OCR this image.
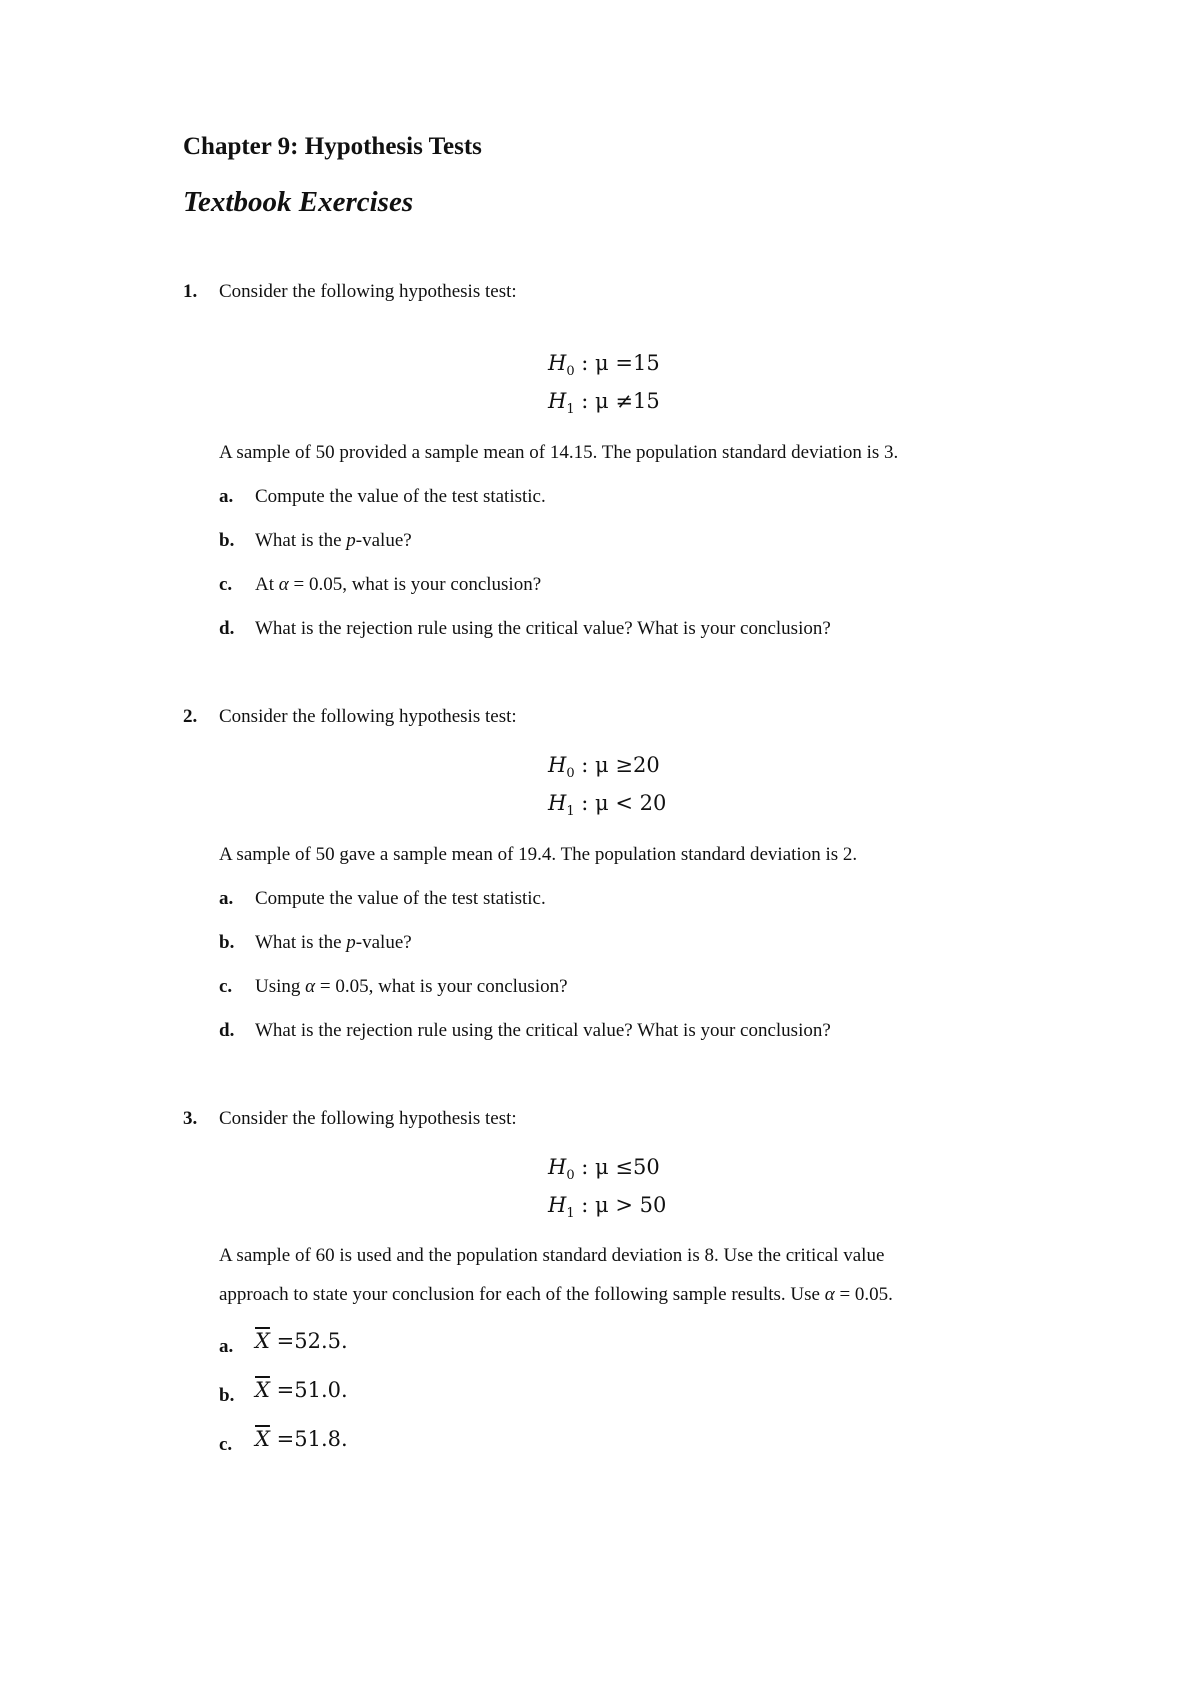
Chapter 9: Hypothesis Tests
Textbook Exercises
1. Consider the following hypothesis test:
$H_0$ : μ =15
$H_1$ : μ ≠15
A sample of 50 provided a sample mean of 14.15. The population standard deviation is 3.
a. Compute the value of the test statistic.
b. What is the p-value?
c. At α = 0.05, what is your conclusion?
d. What is the rejection rule using the critical value? What is your conclusion?
2. Consider the following hypothesis test:
$H_0$ : μ ≥20
$H_1$ : μ < 20
A sample of 50 gave a sample mean of 19.4. The population standard deviation is 2.
a. Compute the value of the test statistic.
b. What is the p-value?
c. Using α = 0.05, what is your conclusion?
d. What is the rejection rule using the critical value? What is your conclusion?
3. Consider the following hypothesis test:
$H_0$ : μ ≤50
$H_1$ : μ > 50
A sample of 60 is used and the population standard deviation is 8. Use the critical value
approach to state your conclusion for each of the following sample results. Use α = 0.05.
a. $\overline{X} =52.5$.
b. $\overline{X} =51.0$.
c. $\overline{X} =51.8$.
